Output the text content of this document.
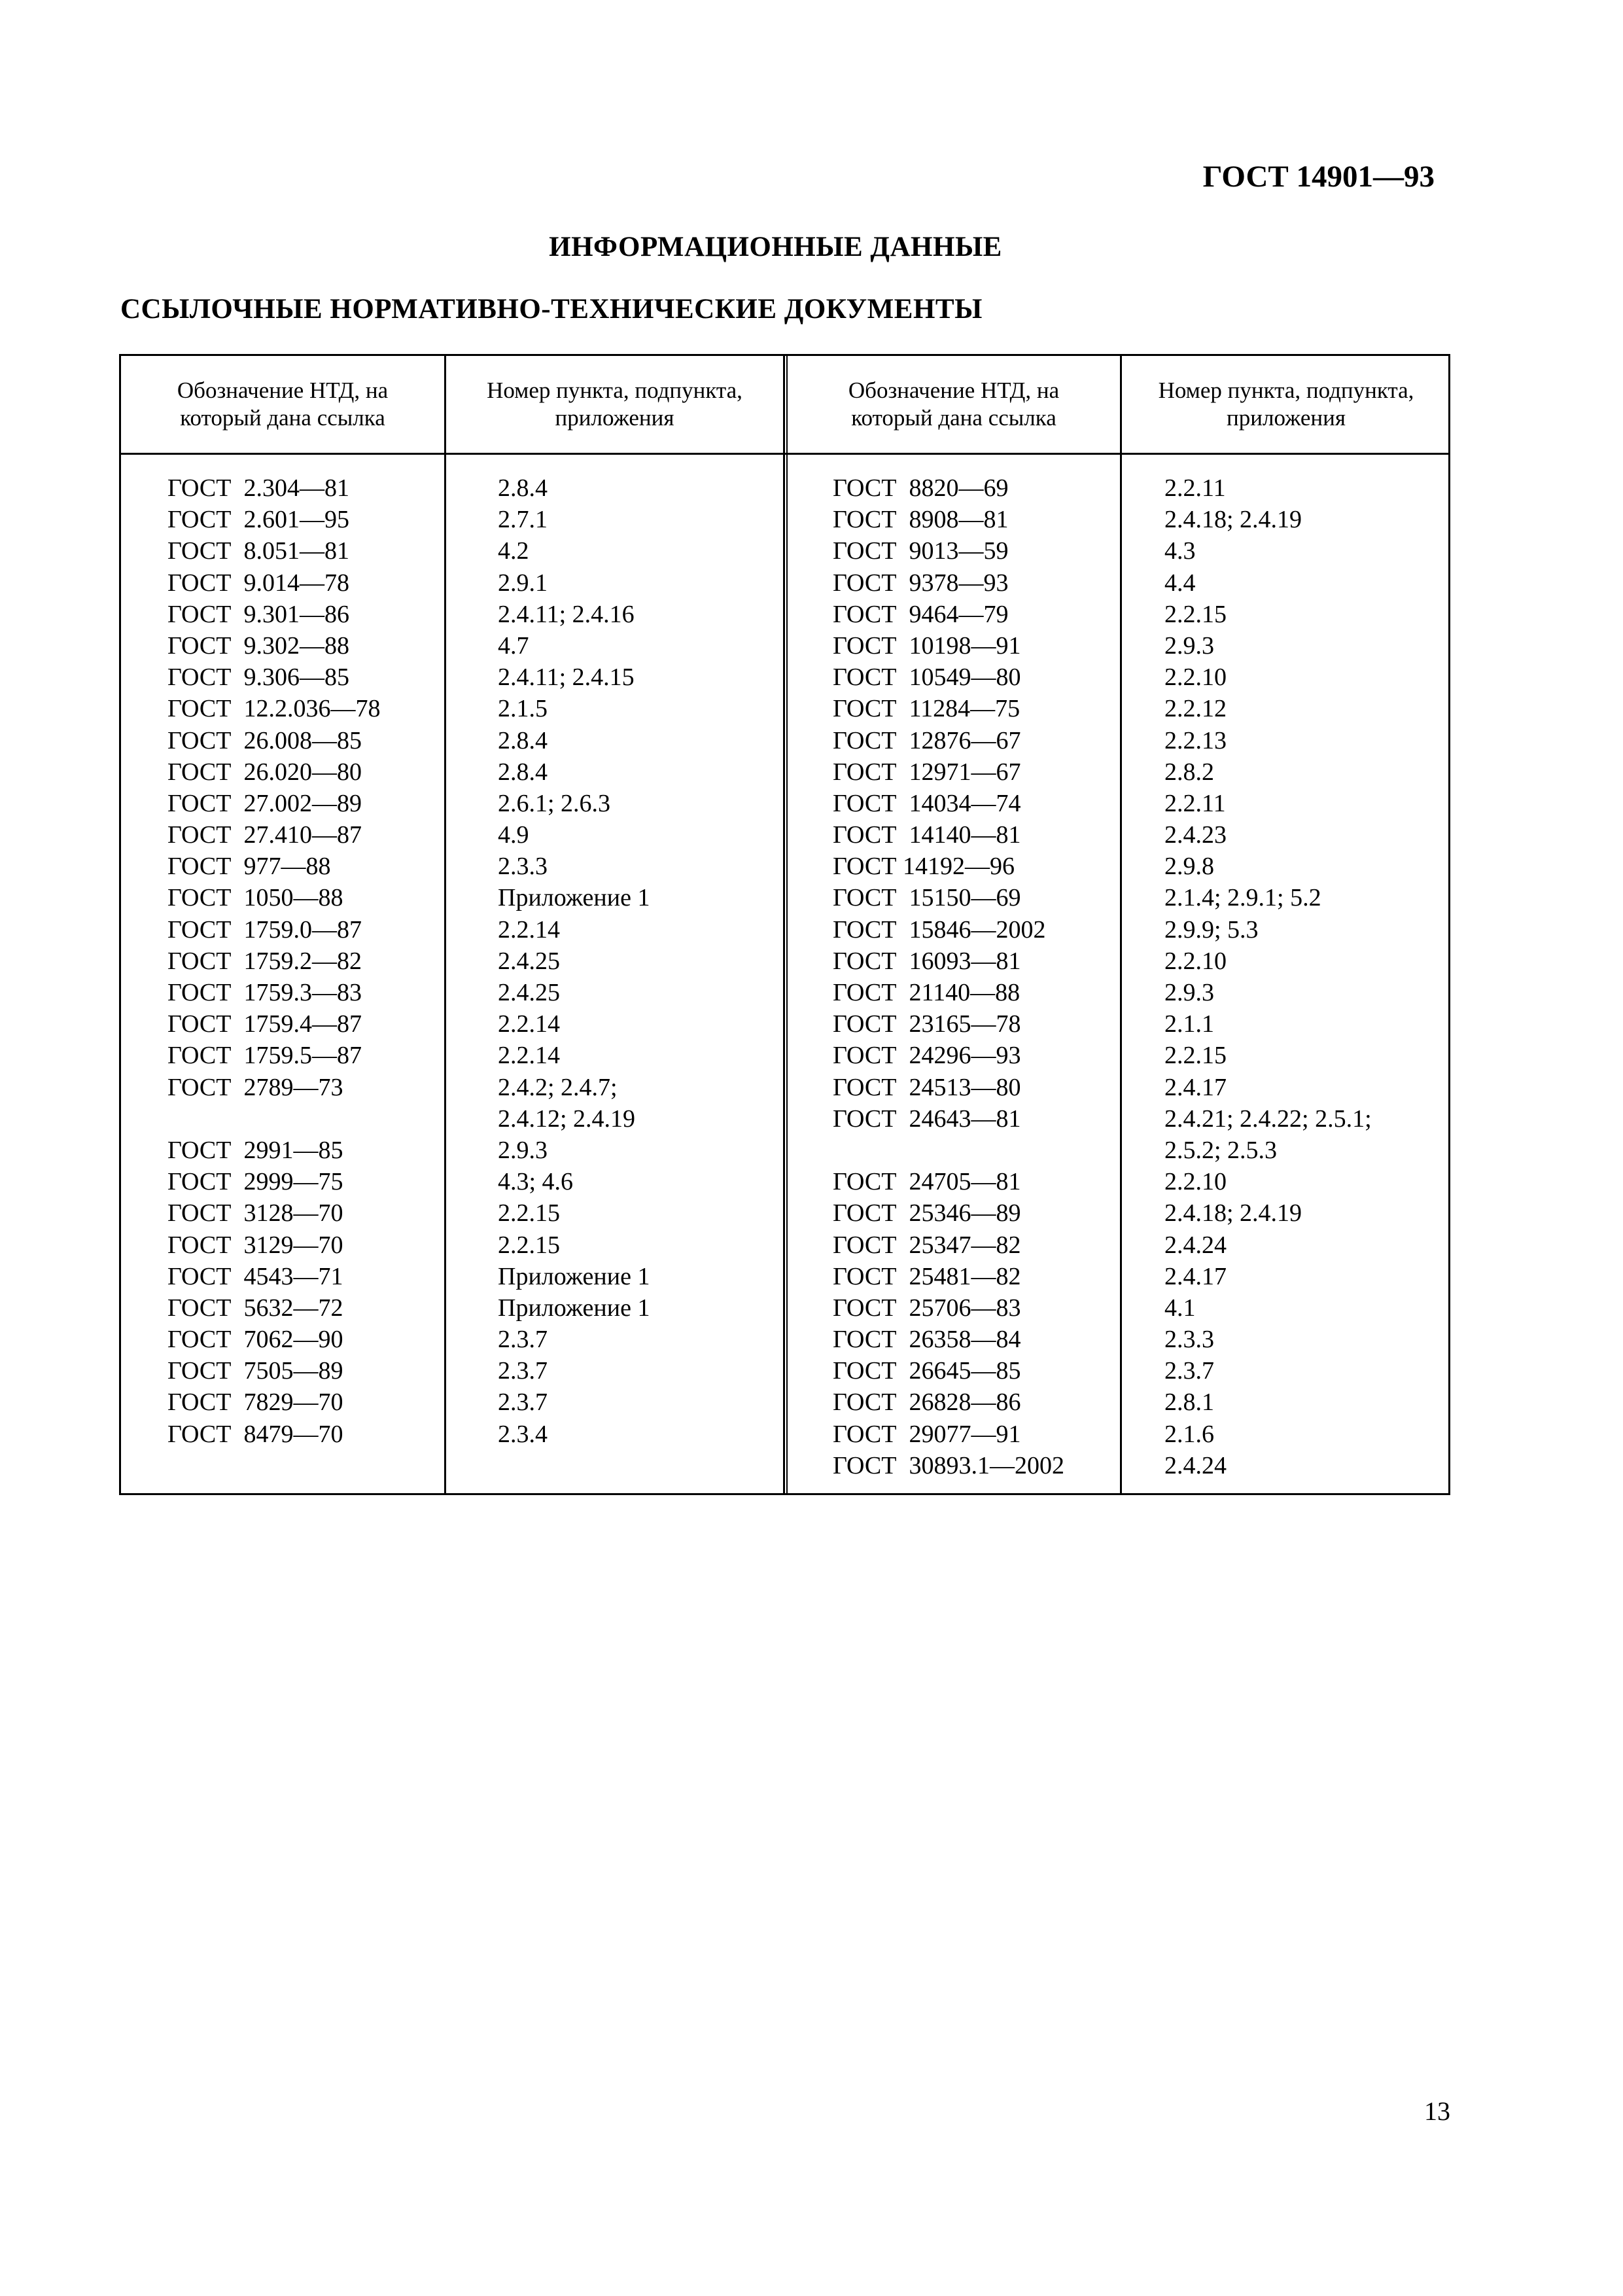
ГОСТ 14901—93
ИНФОРМАЦИОННЫЕ ДАННЫЕ
ССЫЛОЧНЫЕ НОРМАТИВНО-ТЕХНИЧЕСКИЕ ДОКУМЕНТЫ
Обозначение НТД, на
который дана ссылка
Номер пункта, подпункта,
приложения
Обозначение НТД, на
который дана ссылка
Номер пункта, подпункта,
приложения
ГОСТ  2.304—81
ГОСТ  2.601—95
ГОСТ  8.051—81
ГОСТ  9.014—78
ГОСТ  9.301—86
ГОСТ  9.302—88
ГОСТ  9.306—85
ГОСТ  12.2.036—78
ГОСТ  26.008—85
ГОСТ  26.020—80
ГОСТ  27.002—89
ГОСТ  27.410—87
ГОСТ  977—88
ГОСТ  1050—88
ГОСТ  1759.0—87
ГОСТ  1759.2—82
ГОСТ  1759.3—83
ГОСТ  1759.4—87
ГОСТ  1759.5—87
ГОСТ  2789—73
ГОСТ  2991—85
ГОСТ  2999—75
ГОСТ  3128—70
ГОСТ  3129—70
ГОСТ  4543—71
ГОСТ  5632—72
ГОСТ  7062—90
ГОСТ  7505—89
ГОСТ  7829—70
ГОСТ  8479—70
2.8.4
2.7.1
4.2
2.9.1
2.4.11; 2.4.16
4.7
2.4.11; 2.4.15
2.1.5
2.8.4
2.8.4
2.6.1; 2.6.3
4.9
2.3.3
Приложение 1
2.2.14
2.4.25
2.4.25
2.2.14
2.2.14
2.4.2; 2.4.7;
2.4.12; 2.4.19
2.9.3
4.3; 4.6
2.2.15
2.2.15
Приложение 1
Приложение 1
2.3.7
2.3.7
2.3.7
2.3.4
ГОСТ  8820—69
ГОСТ  8908—81
ГОСТ  9013—59
ГОСТ  9378—93
ГОСТ  9464—79
ГОСТ  10198—91
ГОСТ  10549—80
ГОСТ  11284—75
ГОСТ  12876—67
ГОСТ  12971—67
ГОСТ  14034—74
ГОСТ  14140—81
ГОСТ 14192—96
ГОСТ  15150—69
ГОСТ  15846—2002
ГОСТ  16093—81
ГОСТ  21140—88
ГОСТ  23165—78
ГОСТ  24296—93
ГОСТ  24513—80
ГОСТ  24643—81
ГОСТ  24705—81
ГОСТ  25346—89
ГОСТ  25347—82
ГОСТ  25481—82
ГОСТ  25706—83
ГОСТ  26358—84
ГОСТ  26645—85
ГОСТ  26828—86
ГОСТ  29077—91
ГОСТ  30893.1—2002
2.2.11
2.4.18; 2.4.19
4.3
4.4
2.2.15
2.9.3
2.2.10
2.2.12
2.2.13
2.8.2
2.2.11
2.4.23
2.9.8
2.1.4; 2.9.1; 5.2
2.9.9; 5.3
2.2.10
2.9.3
2.1.1
2.2.15
2.4.17
2.4.21; 2.4.22; 2.5.1;
2.5.2; 2.5.3
2.2.10
2.4.18; 2.4.19
2.4.24
2.4.17
4.1
2.3.3
2.3.7
2.8.1
2.1.6
2.4.24
13
